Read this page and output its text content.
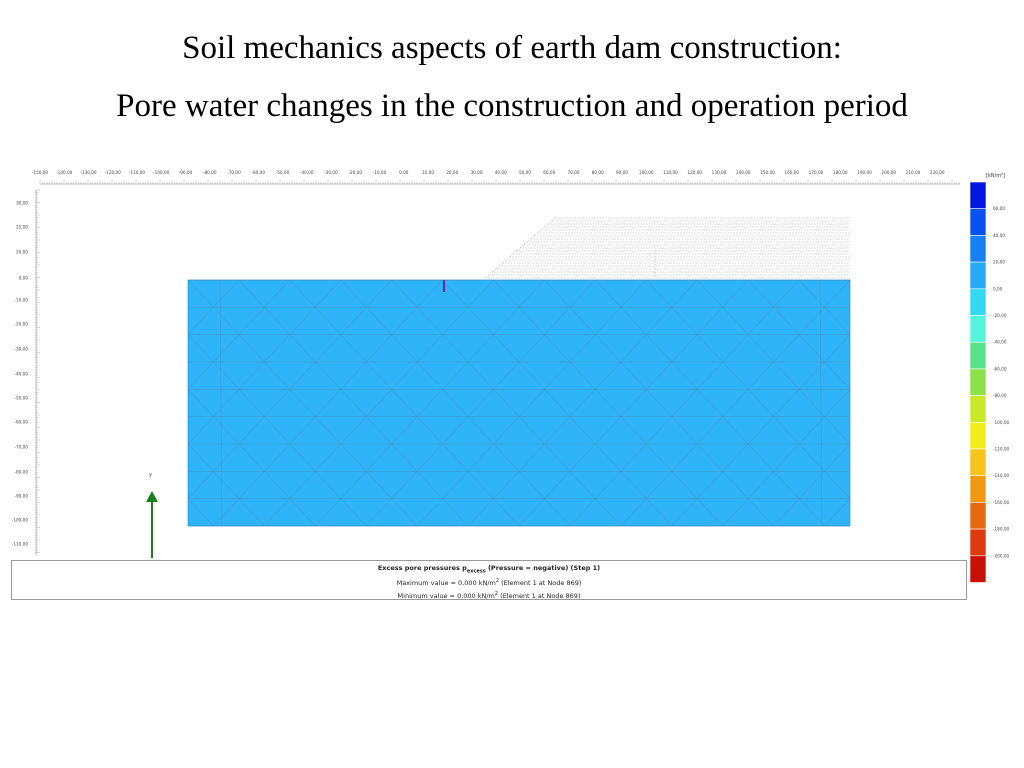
Soil mechanics aspects of earth dam construction:
Pore water changes in the construction and operation period
-150,00 -140,00 -130,00 -120,00 -110,00 -100,00 -90,00	-80,00	-70,00	-60,00	-50,00	-40,00	-30,00	-20,00	-10,00	0,00	10,00	20,00	30,00	40,00	50,00	60,00	70,00	80,00	90,00	100,00 110,00 120,00 130,00 140,00 150,00 160,00 170,00 180,00 190,00 200,00 210,00 220,00
30,00
25,00
20,00
0,00
-10,00
-20,00
-30,00
-40,00
-50,00
-60,00
-70,00
-80,00
-90,00
-100,00
-110,00
y
[kN/m²]
60,00
40,00
20,00
0,00
-20,00
-40,00
-60,00
-80,00
-100,00
-120,00
-140,00
-160,00
-180,00
-200,00
Excess pore pressures $p_{excess}$ (Pressure = negative) (Step 1)
Maximum value = 0,000 $kN/m^2$ (Element 1 at Node 869)
Minimum value = 0,000 $kN/m^2$ (Element 1 at Node 869)
